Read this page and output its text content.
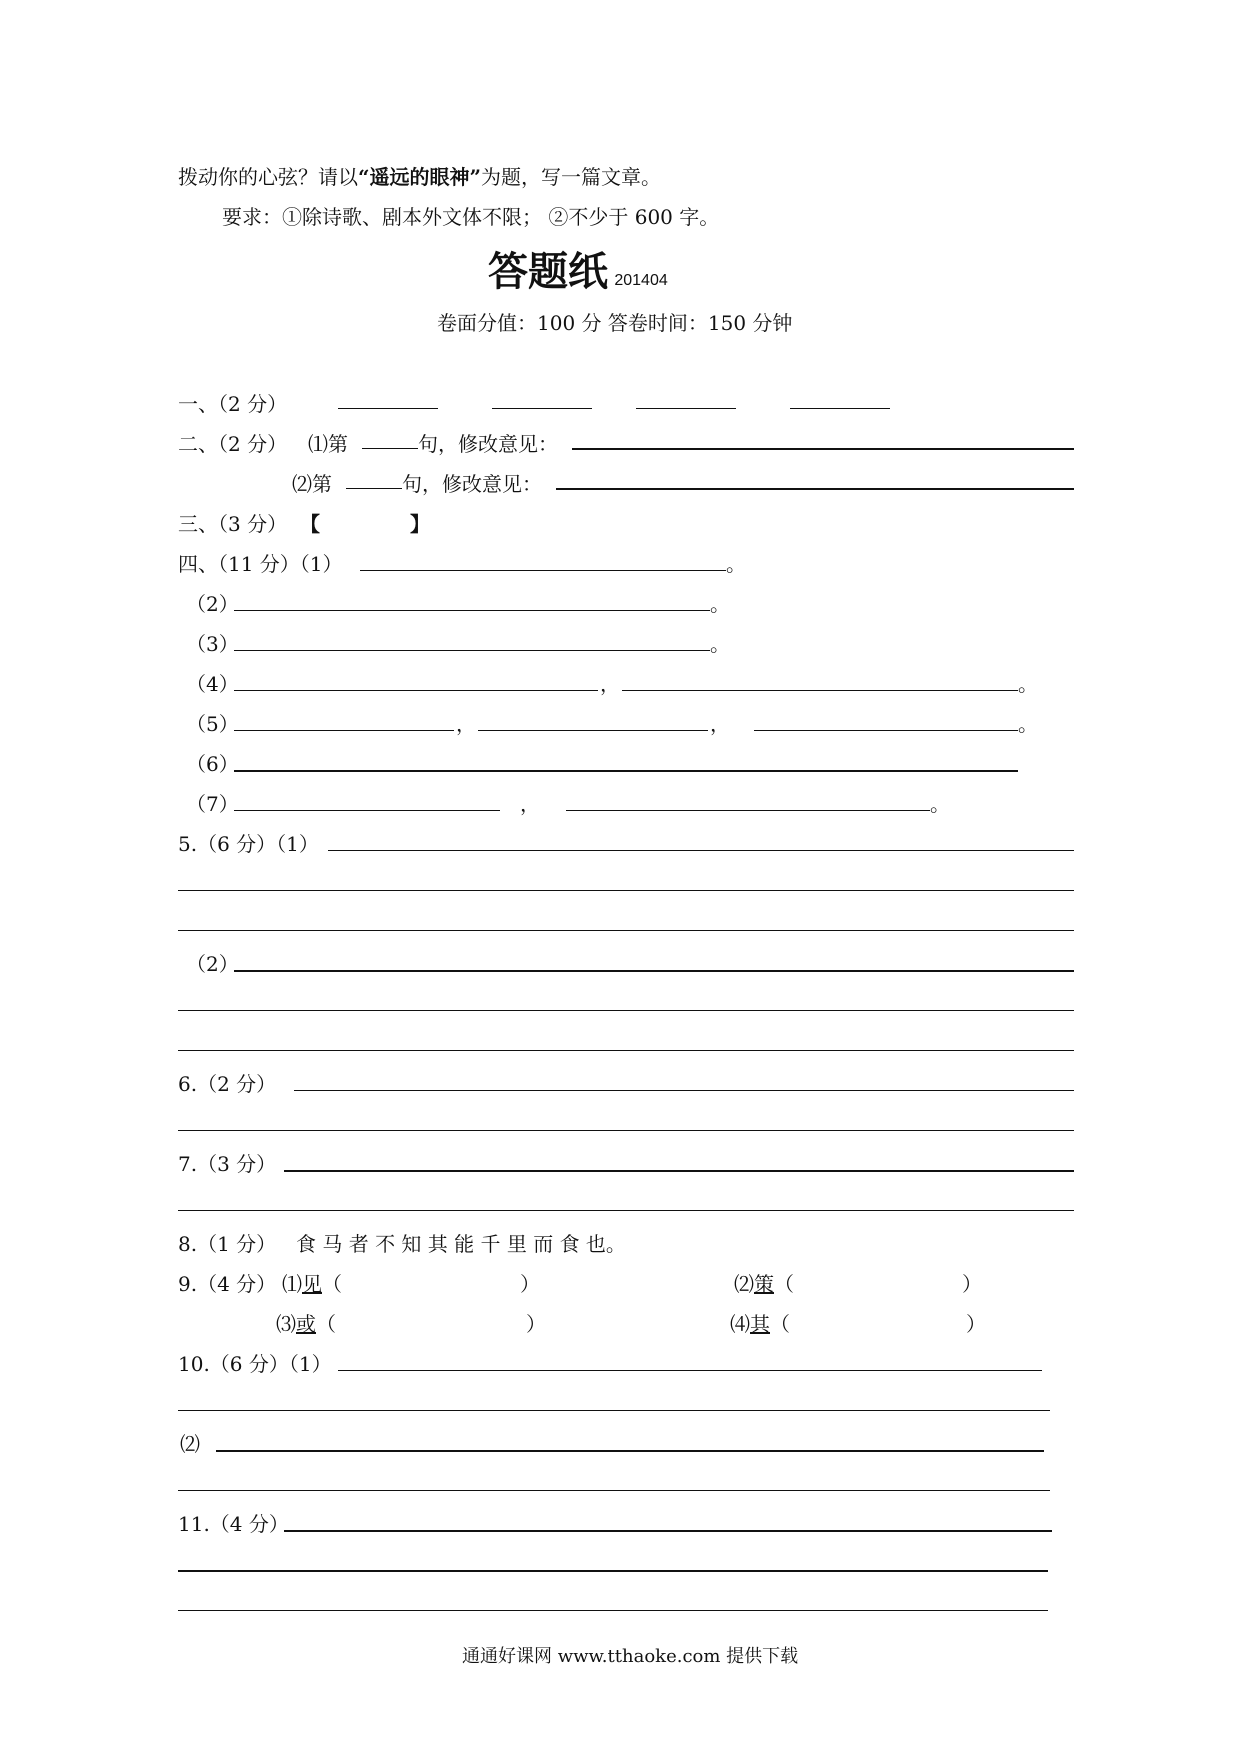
拨动你的心弦？请以“遥远的眼神”为题，写一篇文章。
要求：①除诗歌、剧本外文体不限； ②不少于 600 字。
答题纸 201404
卷面分值：100 分 答卷时间：150 分钟
一、（2 分）
二、（2 分） ⑴第	句，修改意见：
⑵第	句，修改意见：
三、（3 分） 【	】
四、（11 分）（1）	。
（2）	。
（3）	。
（4）	，	。
（5）	，	，	。
（6）
（7）	，	。
5.（6 分）（1）
（2）
6.（2 分）
7.（3 分）
8.（1 分） 食 马 者 不 知 其 能 千 里 而 食 也。
9.（4 分） ⑴见（	）	⑵策（	）
⑶或（	）	⑷其（	）
10.（6 分）（1）
⑵
11.（4 分）
通通好课网 www.tthaoke.com 提供下载
